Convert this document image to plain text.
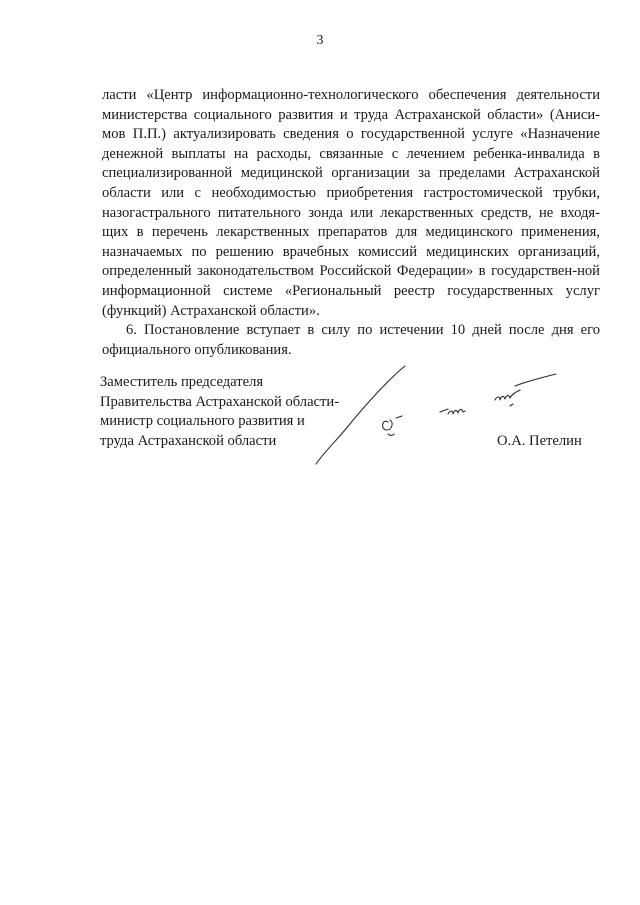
3

ласти «Центр информационно-технологического обеспечения деятельности министерства социального развития и труда Астраханской области» (Аниси-мов П.П.) актуализировать сведения о государственной услуге «Назначение денежной выплаты на расходы, связанные с лечением ребенка-инвалида в специализированной медицинской организации за пределами Астраханской области или с необходимостью приобретения гастростомической трубки, назогастрального питательного зонда или лекарственных средств, не входя-щих в перечень лекарственных препаратов для медицинского применения, назначаемых по решению врачебных комиссий медицинских организаций, определенный законодательством Российской Федерации» в государствен-ной информационной системе «Региональный реестр государственных услуг (функций) Астраханской области».

6. Постановление вступает в силу по истечении 10 дней после дня его официального опубликования.

Заместитель председателя
Правительства Астраханской области-
министр социального развития и
труда Астраханской области	О.А. Петелин
